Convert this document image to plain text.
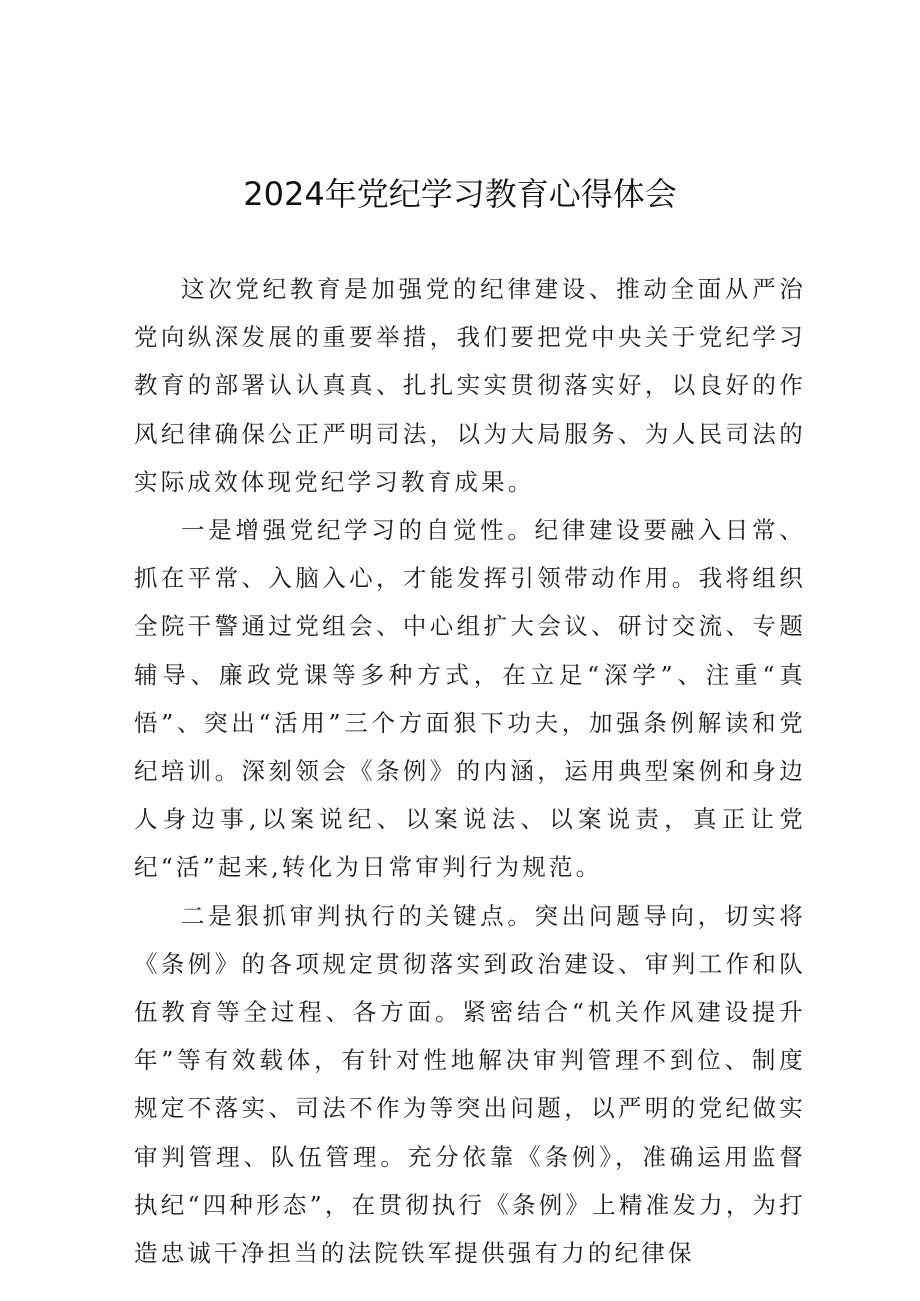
2024年党纪学习教育心得体会

这次党纪教育是加强党的纪律建设、推动全面从严治党向纵深发展的重要举措，我们要把党中央关于党纪学习教育的部署认认真真、扎扎实实贯彻落实好，以良好的作风纪律确保公正严明司法，以为大局服务、为人民司法的实际成效体现党纪学习教育成果。

一是增强党纪学习的自觉性。纪律建设要融入日常、抓在平常、入脑入心，才能发挥引领带动作用。我将组织全院干警通过党组会、中心组扩大会议、研讨交流、专题辅导、廉政党课等多种方式，在立足“深学”、注重“真悟”、突出“活用”三个方面狠下功夫，加强条例解读和党纪培训。深刻领会《条例》的内涵，运用典型案例和身边人身边事,以案说纪、以案说法、以案说责，真正让党纪“活”起来,转化为日常审判行为规范。

二是狠抓审判执行的关键点。突出问题导向，切实将《条例》的各项规定贯彻落实到政治建设、审判工作和队伍教育等全过程、各方面。紧密结合“机关作风建设提升年”等有效载体，有针对性地解决审判管理不到位、制度规定不落实、司法不作为等突出问题，以严明的党纪做实审判管理、队伍管理。充分依靠《条例》，准确运用监督执纪“四种形态”，在贯彻执行《条例》上精准发力，为打造忠诚干净担当的法院铁军提供强有力的纪律保
